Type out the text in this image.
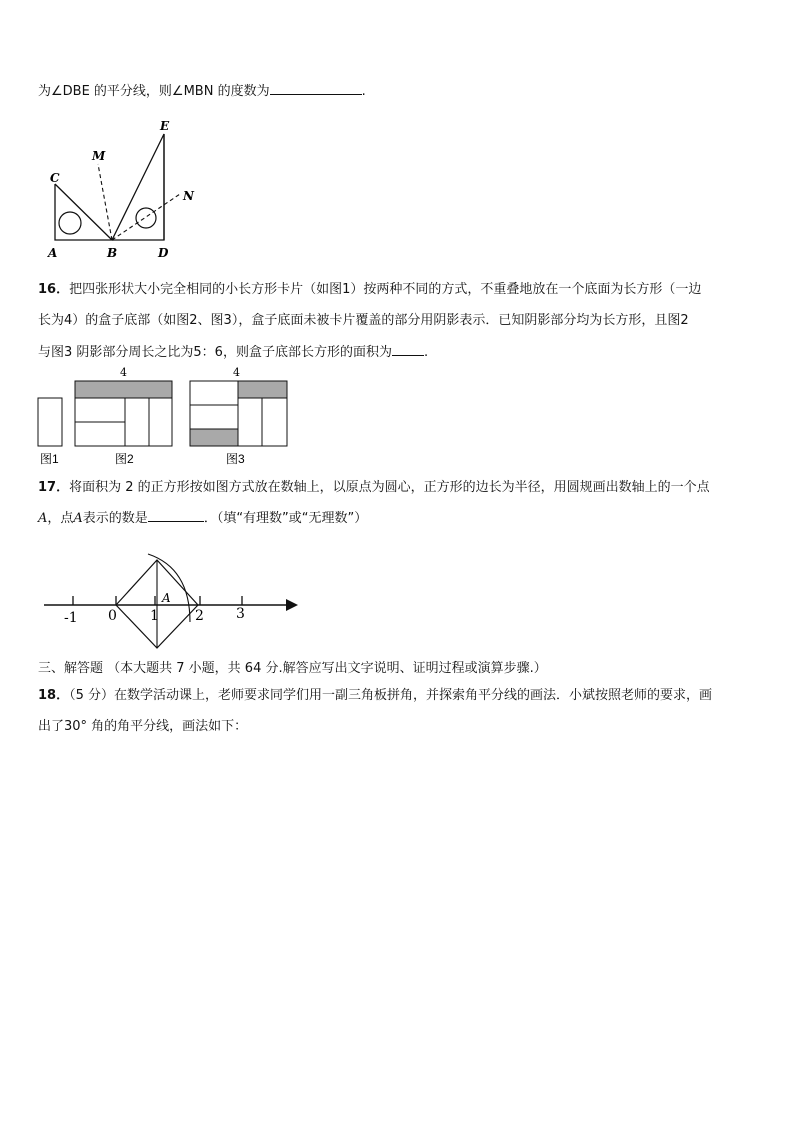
为∠DBE 的平分线，则∠MBN 的度数为	.
E
M
C
N
A	B	D
16．把四张形状大小完全相同的小长方形卡片（如图1）按两种不同的方式，不重叠地放在一个底面为长方形（一边
长为4）的盒子底部（如图2、图3），盒子底面未被卡片覆盖的部分用阴影表示．已知阴影部分均为长方形，且图2
与图3 阴影部分周长之比为5：6，则盒子底部长方形的面积为 .
4	4
图1	图2	图3
17．将面积为 2 的正方形按如图方式放在数轴上，以原点为圆心，正方形的边长为半径，用圆规画出数轴上的一个点
A，点A表示的数是	．（填“有理数”或“无理数”）
-1 0 1	2 3
A
三、解答题 （本大题共 7 小题，共 64 分.解答应写出文字说明、证明过程或演算步骤.）
18．（5 分）在数学活动课上，老师要求同学们用一副三角板拼角，并探索角平分线的画法．小斌按照老师的要求，画
出了30° 角的角平分线，画法如下：
